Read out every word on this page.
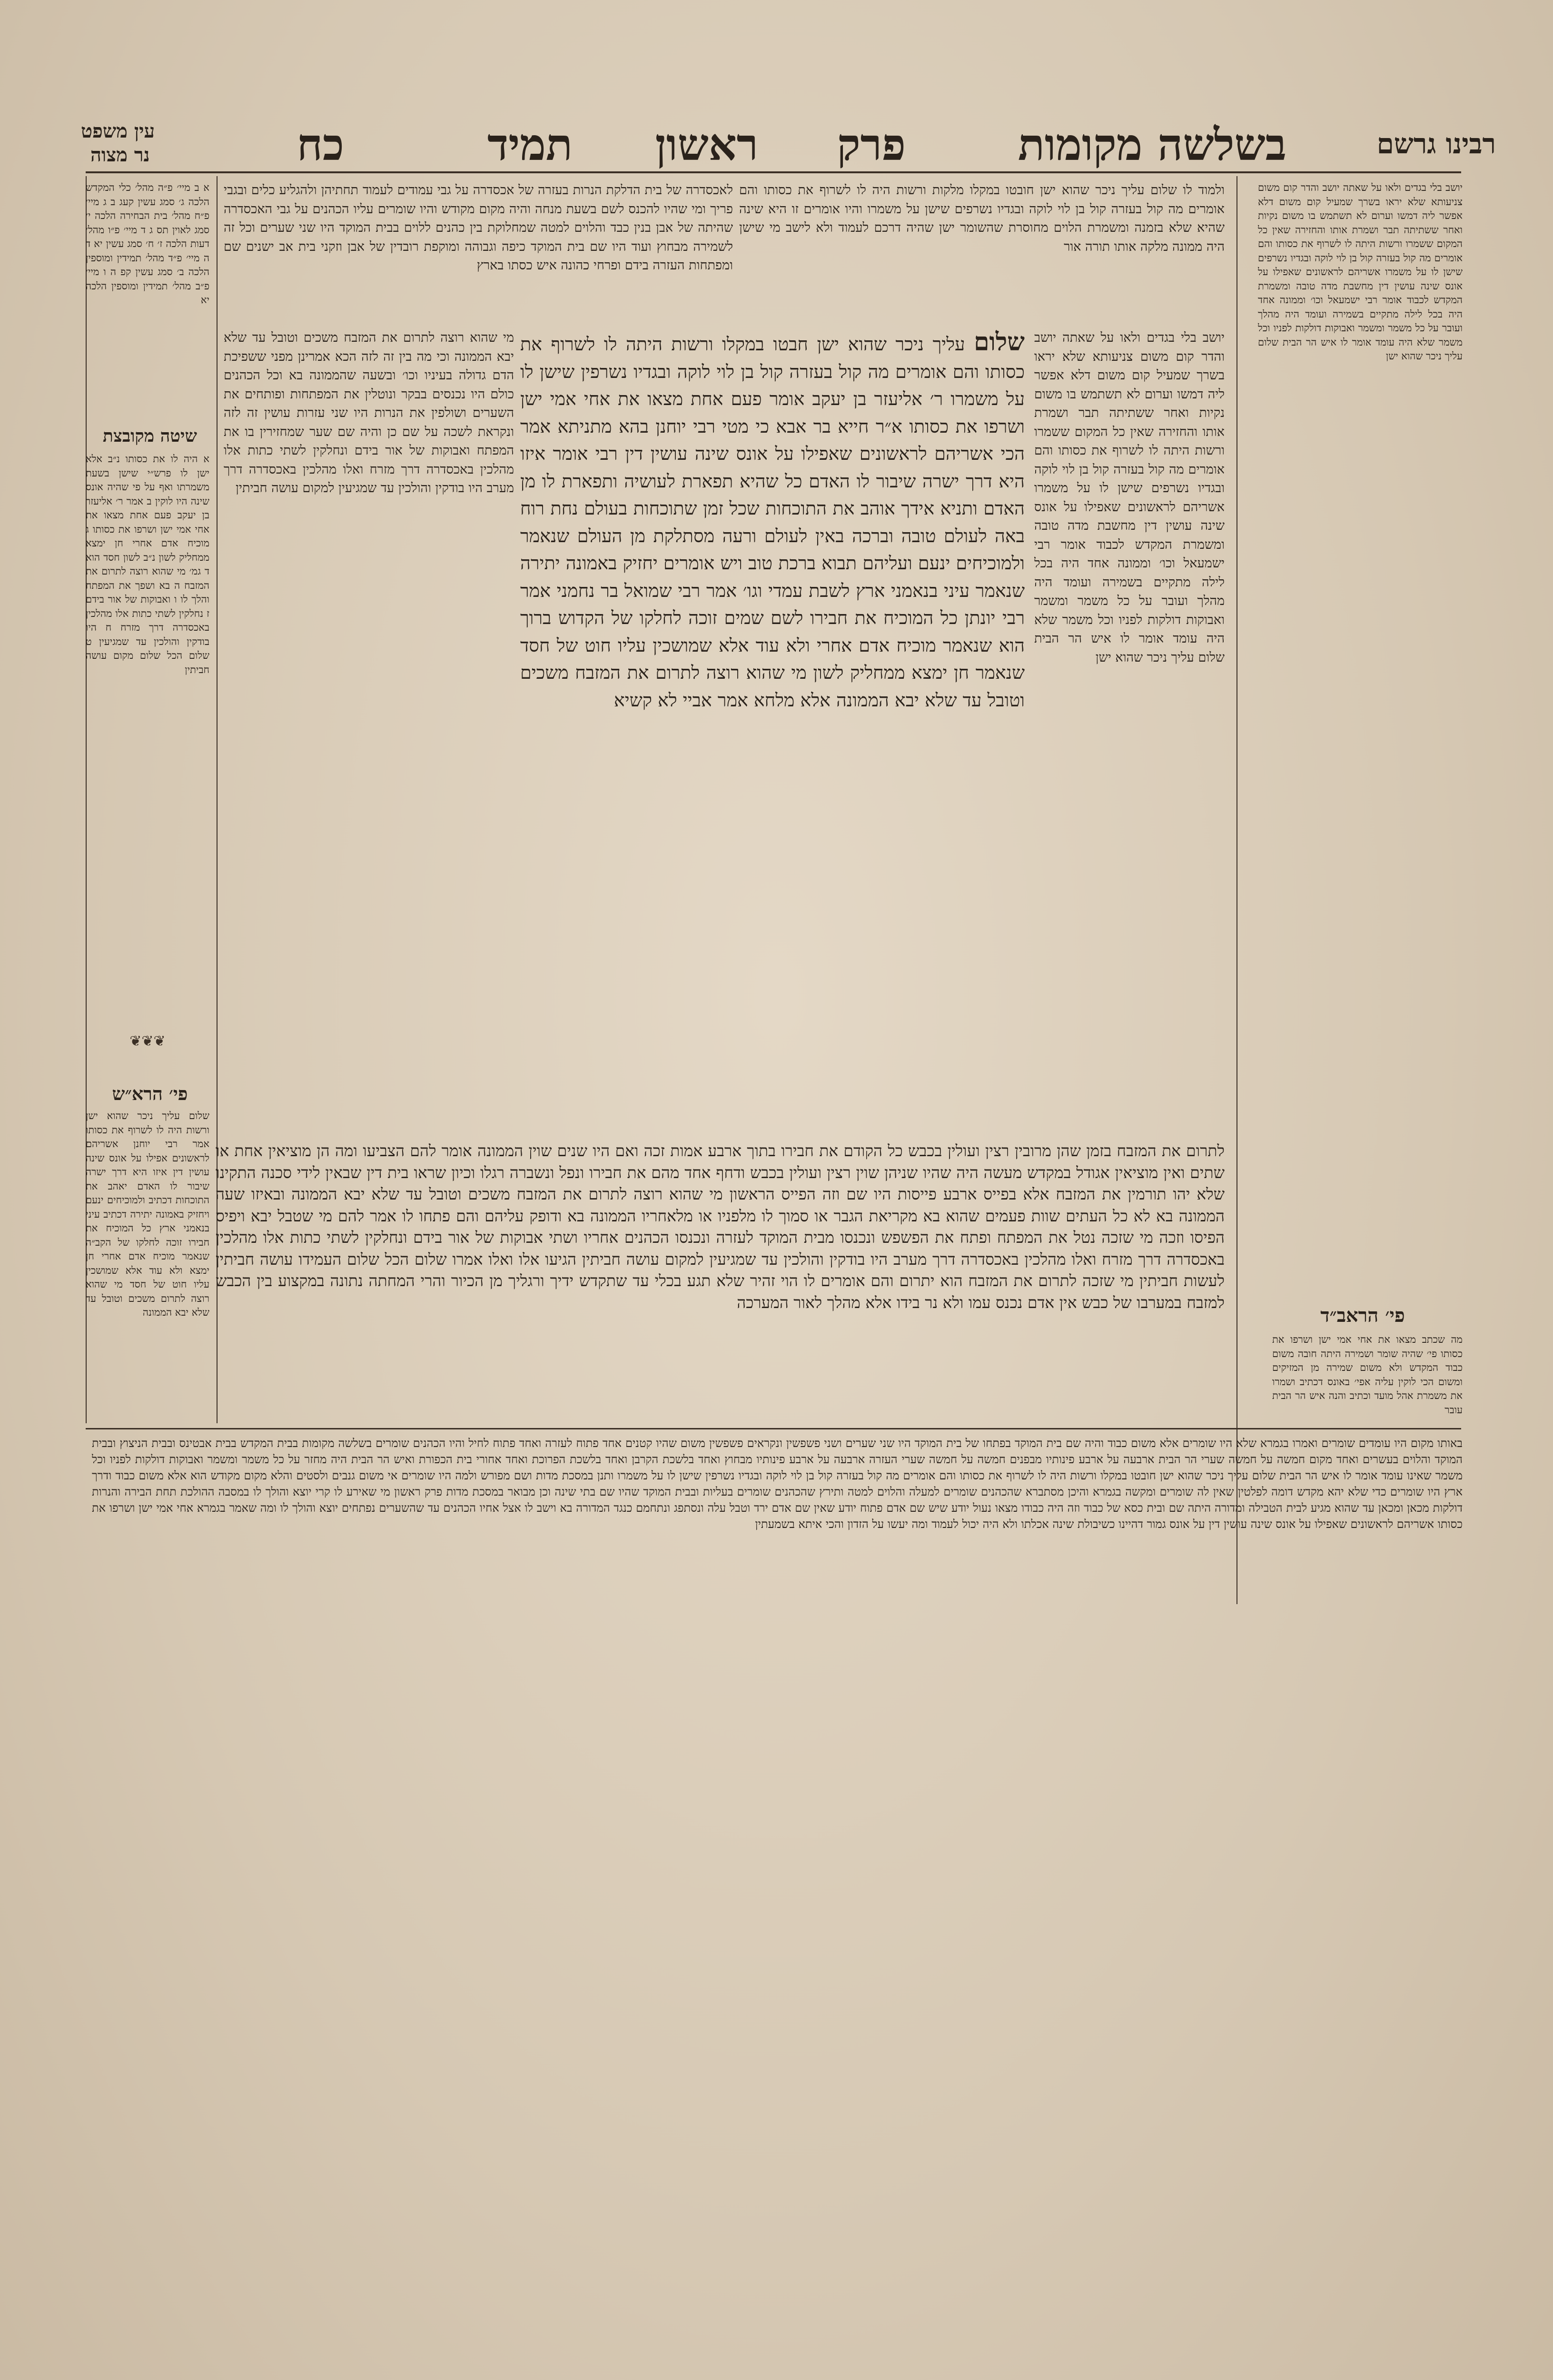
רבינו גרשם
בשלשה מקומות
פרק
ראשון
תמיד
כח
עין משפט
נר מצוה
יושב בלי בגדים ולאו על שאתה יושב והדר קום משום צניעותא שלא יראו בשרך שמעיל קום משום דלא אפשר ליה דמשו וערום לא תשתמש בו משום נקיות ואחר ששתיתה תבר ושמרת אותו והחזירה שאין כל המקום ששמרו ורשות היתה לו לשרוף את כסותו והם אומרים מה קול בעזרה קול בן לוי לוקה ובגדיו נשרפים שישן לו על משמרו אשריהם לראשונים שאפילו על אונס שינה עושין דין מחשבת מדה טובה ומשמרת המקדש לכבוד אומר רבי ישמעאל וכו׳ וממונה אחד היה בכל לילה מתקיים בשמירה ועומד היה מהלך ועובר על כל משמר ומשמר ואבוקות דולקות לפניו וכל משמר שלא היה עומד אומר לו איש הר הבית שלום עליך ניכר שהוא ישן
ולמוד לו שלום עליך ניכר שהוא ישן חובטו במקלו מלקות ורשות היה לו לשרוף את כסותו והם אומרים מה קול בעזרה קול בן לוי לוקה ובגדיו נשרפים שישן על משמרו והיו אומרים זו היא שינה שהיא שלא בזמנה ומשמרת הלוים מחוסרת שהשומר ישן שהיה דרכם לעמוד ולא לישב מי שישן היה ממונה מלקה אותו תורה אור
לאכסדרה של בית הדלקת הנרות בעזרה של אכסדרה על גבי עמודים לעמוד תחתיהן ולהגליע כלים ובגבי פריך ומי שהיו להכנס לשם בשעת מנחה והיה מקום מקודש והיו שומרים עליו הכהנים על גבי האכסדרה שהיתה של אבן בנין כבד והלוים למטה שמחלוקת בין כהנים ללוים בבית המוקד היו שני שערים וכל זה לשמירה מבחוץ ועוד היו שם בית המוקד כיפה וגבוהה ומוקפת רובדין של אבן וזקני בית אב ישנים שם ומפתחות העזרה בידם ופרחי כהונה איש כסתו בארץ
שלום עליך ניכר שהוא ישן חבטו במקלו ורשות היתה לו לשרוף את כסותו והם אומרים מה קול בעזרה קול בן לוי לוקה ובגדיו נשרפין שישן לו על משמרו ר׳ אליעזר בן יעקב אומר פעם אחת מצאו את אחי אמי ישן ושרפו את כסותו א״ר חייא בר אבא כי מטי רבי יוחנן בהא מתניתא אמר הכי אשריהם לראשונים שאפילו על אונס שינה עושין דין רבי אומר איזו היא דרך ישרה שיבור לו האדם כל שהיא תפארת לעושיה ותפארת לו מן האדם ותניא אידך אוהב את התוכחות שכל זמן שתוכחות בעולם נחת רוח באה לעולם טובה וברכה באין לעולם ורעה מסתלקת מן העולם שנאמר ולמוכיחים ינעם ועליהם תבוא ברכת טוב ויש אומרים יחזיק באמונה יתירה שנאמר עיני בנאמני ארץ לשבת עמדי וגו׳ אמר רבי שמואל בר נחמני אמר רבי יונתן כל המוכיח את חבירו לשם שמים זוכה לחלקו של הקדוש ברוך הוא שנאמר מוכיח אדם אחרי ולא עוד אלא שמושכין עליו חוט של חסד שנאמר חן ימצא ממחליק לשון מי שהוא רוצה לתרום את המזבח משכים וטובל עד שלא יבא הממונה אלא מלחא אמר אביי לא קשיא
יושב בלי בגדים ולאו על שאתה יושב והדר קום משום צניעותא שלא יראו בשרך שמעיל קום משום דלא אפשר ליה דמשו וערום לא תשתמש בו משום נקיות ואחר ששתיתה תבר ושמרת אותו והחזירה שאין כל המקום ששמרו ורשות היתה לו לשרוף את כסותו והם אומרים מה קול בעזרה קול בן לוי לוקה ובגדיו נשרפים שישן לו על משמרו אשריהם לראשונים שאפילו על אונס שינה עושין דין מחשבת מדה טובה ומשמרת המקדש לכבוד אומר רבי ישמעאל וכו׳ וממונה אחד היה בכל לילה מתקיים בשמירה ועומד היה מהלך ועובר על כל משמר ומשמר ואבוקות דולקות לפניו וכל משמר שלא היה עומד אומר לו איש הר הבית שלום עליך ניכר שהוא ישן
מי שהוא רוצה לתרום את המזבח משכים וטובל עד שלא יבא הממונה וכי מה בין זה לזה הכא אמרינן מפני ששפיכת הדם גדולה בעיניו וכו׳ ובשעה שהממונה בא וכל הכהנים כולם היו נכנסים בבקר ונוטלין את המפתחות ופותחים את השערים ושולפין את הנרות היו שני עזרות עושין זה לזה ונקראת לשכה על שם כן והיה שם שער שמחזירין בו את המפתח ואבוקות של אור בידם ונחלקין לשתי כתות אלו מהלכין באכסדרה דרך מזרח ואלו מהלכין באכסדרה דרך מערב היו בודקין והולכין עד שמגיעין למקום עושה חביתין
א ב מיי׳ פ״ה מהל׳ כלי המקדש הלכה ג׳ סמג עשין קעג ב ג מיי׳ פ״ח מהל׳ בית הבחירה הלכה י׳ סמג לאוין תס ג ד מיי׳ פ״ו מהל׳ דעות הלכה ז׳ ח׳ סמג עשין יא ד ה מיי׳ פ״ד מהל׳ תמידין ומוספין הלכה ב׳ סמג עשין קפ ה ו מיי׳ פ״ב מהל׳ תמידין ומוספין הלכה יא
שיטה מקובצת
א היה לו את כסותו נ״ב אלא ישן לו פרש״י שישן בשעת משמרתו ואף על פי שהיה אונס שינה היו לוקין ב אמר ר׳ אליעזר בן יעקב פעם אחת מצאו את אחי אמי ישן ושרפו את כסותו ג מוכיח אדם אחרי חן ימצא ממחליק לשון נ״ב לשון חסד הוא ד גמ׳ מי שהוא רוצה לתרום את המזבח ה בא ושפך את המפתח והלך לו ו ואבוקות של אור בידם ז נחלקין לשתי כתות אלו מהלכין באכסדרה דרך מזרח ח היו בודקין והולכין עד שמגיעין ט שלום הכל שלום מקום עושה חביתין
❦❦❦
פי׳ הרא״ש
שלום עליך ניכר שהוא ישן ורשות היה לו לשרוף את כסותו אמר רבי יוחנן אשריהם לראשונים אפילו על אונס שינה עושין דין איזו היא דרך ישרה שיבור לו האדם יאהב את התוכחות דכתיב ולמוכיחים ינעם ויחזיק באמונה יתירה דכתיב עיני בנאמני ארץ כל המוכיח את חבירו זוכה לחלקו של הקב״ה שנאמר מוכיח אדם אחרי חן ימצא ולא עוד אלא שמושכין עליו חוט של חסד מי שהוא רוצה לתרום משכים וטובל עד שלא יבא הממונה	פי׳ הראב״ד
מה שכתב מצאו את אחי אמי ישן ושרפו את כסותו פי׳ שהיה שומר ושמירה היתה חובה משום כבוד המקדש ולא משום שמירה מן המזיקים ומשום הכי לוקין עליה אפי׳ באונס דכתיב ושמרו את משמרת אהל מועד וכתיב והנה איש הר הבית עובר
לתרום את המזבח בזמן שהן מרובין רצין ועולין בכבש כל הקודם את חבירו בתוך ארבע אמות זכה ואם היו שנים שוין הממונה אומר להם הצביעו ומה הן מוציאין אחת או שתים ואין מוציאין אגודל במקדש מעשה היה שהיו שניהן שוין רצין ועולין בכבש ודחף אחד מהם את חבירו ונפל ונשברה רגלו וכיון שראו בית דין שבאין לידי סכנה התקינו שלא יהו תורמין את המזבח אלא בפייס ארבע פייסות היו שם וזה הפייס הראשון מי שהוא רוצה לתרום את המזבח משכים וטובל עד שלא יבא הממונה ובאיזו שעה הממונה בא לא כל העתים שוות פעמים שהוא בא מקריאת הגבר או סמוך לו מלפניו או מלאחריו הממונה בא ודופק עליהם והם פתחו לו אמר להם מי שטבל יבא ויפיס הפיסו וזכה מי שזכה נטל את המפתח ופתח את הפשפש ונכנסו מבית המוקד לעזרה ונכנסו הכהנים אחריו ושתי אבוקות של אור בידם ונחלקין לשתי כתות אלו מהלכין באכסדרה דרך מזרח ואלו מהלכין באכסדרה דרך מערב היו בודקין והולכין עד שמגיעין למקום עושה חביתין הגיעו אלו ואלו אמרו שלום הכל שלום העמידו עושה חביתין לעשות חביתין מי שזכה לתרום את המזבח הוא יתרום והם אומרים לו הוי זהיר שלא תגע בכלי עד שתקדש ידיך ורגליך מן הכיור והרי המחתה נתונה במקצוע בין הכבש למזבח במערבו של כבש אין אדם נכנס עמו ולא נר בידו אלא מהלך לאור המערכה
באותו מקום היו עומדים שומרים ואמרו בגמרא שלא היו שומרים אלא משום כבוד והיה שם בית המוקד בפתחו של בית המוקד היו שני שערים ושני פשפשין ונקראים פשפשין משום שהיו קטנים אחד פתוח לעזרה ואחד פתוח לחיל והיו הכהנים שומרים בשלשה מקומות בבית המקדש בבית אבטינס ובבית הניצוץ ובבית המוקד והלוים בעשרים ואחד מקום חמשה על חמשה שערי הר הבית ארבעה על ארבע פינותיו מבפנים חמשה על חמשה שערי העזרה ארבעה על ארבע פינותיו מבחוץ ואחד בלשכת הקרבן ואחד בלשכת הפרוכת ואחד אחורי בית הכפורת ואיש הר הבית היה מחזר על כל משמר ומשמר ואבוקות דולקות לפניו וכל משמר שאינו עומד אומר לו איש הר הבית שלום עליך ניכר שהוא ישן חובטו במקלו ורשות היה לו לשרוף את כסותו והם אומרים מה קול בעזרה קול בן לוי לוקה ובגדיו נשרפין שישן לו על משמרו ותנן במסכת מדות ושם מפורש ולמה היו שומרים אי משום גנבים ולסטים והלא מקום מקודש הוא אלא משום כבוד ודרך ארץ היו שומרים כדי שלא יהא מקדש דומה לפלטין שאין לה שומרים ומקשה בגמרא והיכן מסתברא שהכהנים שומרים למעלה והלוים למטה ותירץ שהכהנים שומרים בעליות ובבית המוקד שהיו שם בתי שינה וכן מבואר במסכת מדות פרק ראשון מי שאירע לו קרי יוצא והולך לו במסבה ההולכת תחת הבירה והנרות דולקות מכאן ומכאן עד שהוא מגיע לבית הטבילה ומדורה היתה שם ובית כסא של כבוד וזה היה כבודו מצאו נעול יודע שיש שם אדם פתוח יודע שאין שם אדם ירד וטבל עלה ונסתפג ונתחמם כנגד המדורה בא וישב לו אצל אחיו הכהנים עד שהשערים נפתחים יוצא והולך לו ומה שאמר בגמרא אחי אמי ישן ושרפו את כסותו אשריהם לראשונים שאפילו על אונס שינה עושין דין על אונס גמור דהיינו כשיבולת שינה אכלתו ולא היה יכול לעמוד ומה יעשו על הזדון והכי איתא בשמעתין
